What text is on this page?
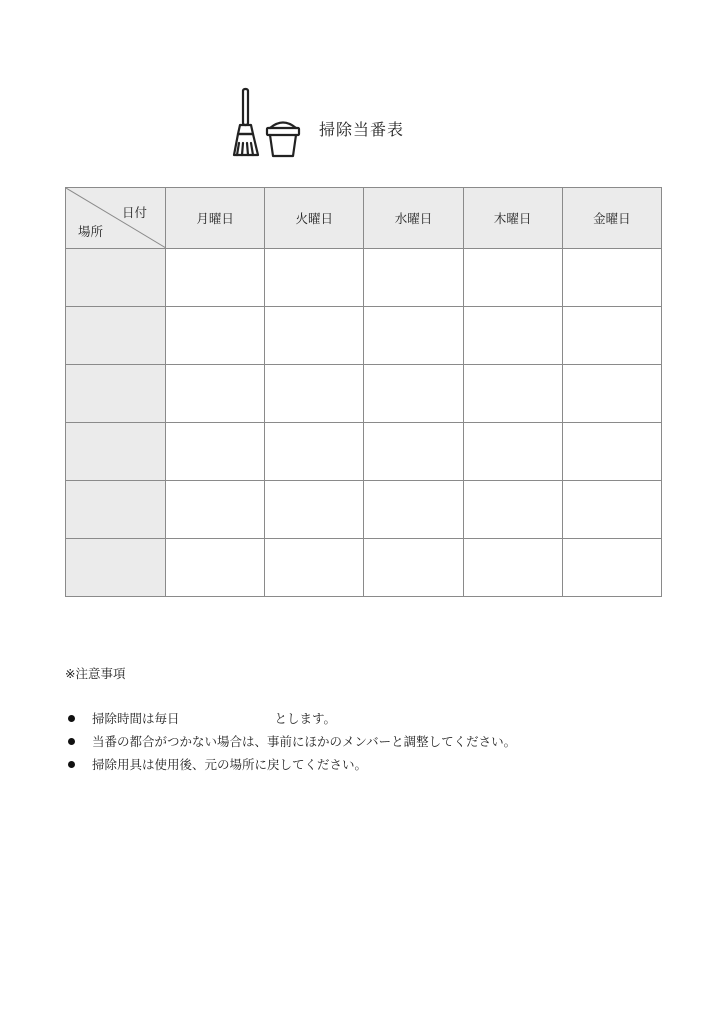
掃除当番表
日付
場所	月曜日	火曜日	水曜日	木曜日	金曜日

※注意事項

掃除時間は毎日	とします。
当番の都合がつかない場合は、事前にほかのメンバーと調整してください。
掃除用具は使用後、元の場所に戻してください。
